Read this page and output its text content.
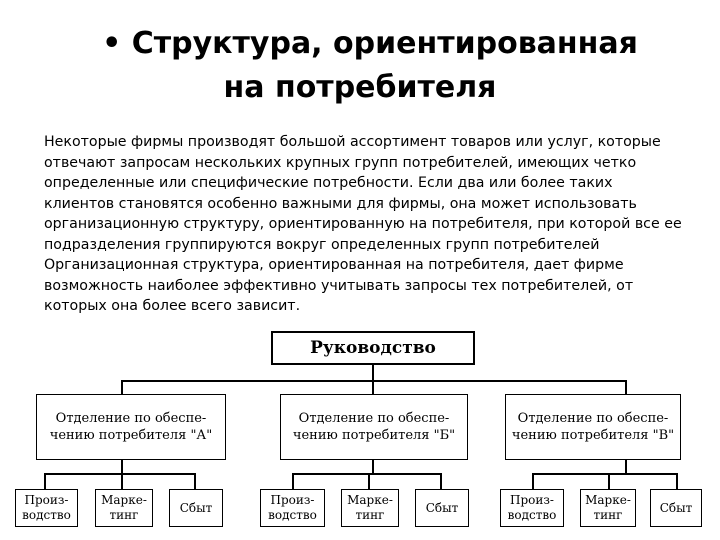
• Структура, ориентированная
на потребителя

Некоторые фирмы производят большой ассортимент товаров или услуг, которые отвечают запросам нескольких крупных групп потребителей, имеющих четко определенные или специфические потребности. Если два или более таких клиентов становятся особенно важными для фирмы, она может использовать организационную структуру, ориентированную на потребителя, при которой все ее подразделения группируются вокруг определенных групп потребителей

Организационная структура, ориентированная на потребителя, дает фирме возможность наиболее эффективно учитывать запросы тех потребителей, от которых она более всего зависит.

Руководство
Отделение по обеспе-чению потребителя "А"
Отделение по обеспе-чению потребителя "Б"
Отделение по обеспе-чению потребителя "В"
Произ-водство
Марке-тинг
Сбыт
Произ-водство
Марке-тинг
Сбыт
Произ-водство
Марке-тинг
Сбыт
